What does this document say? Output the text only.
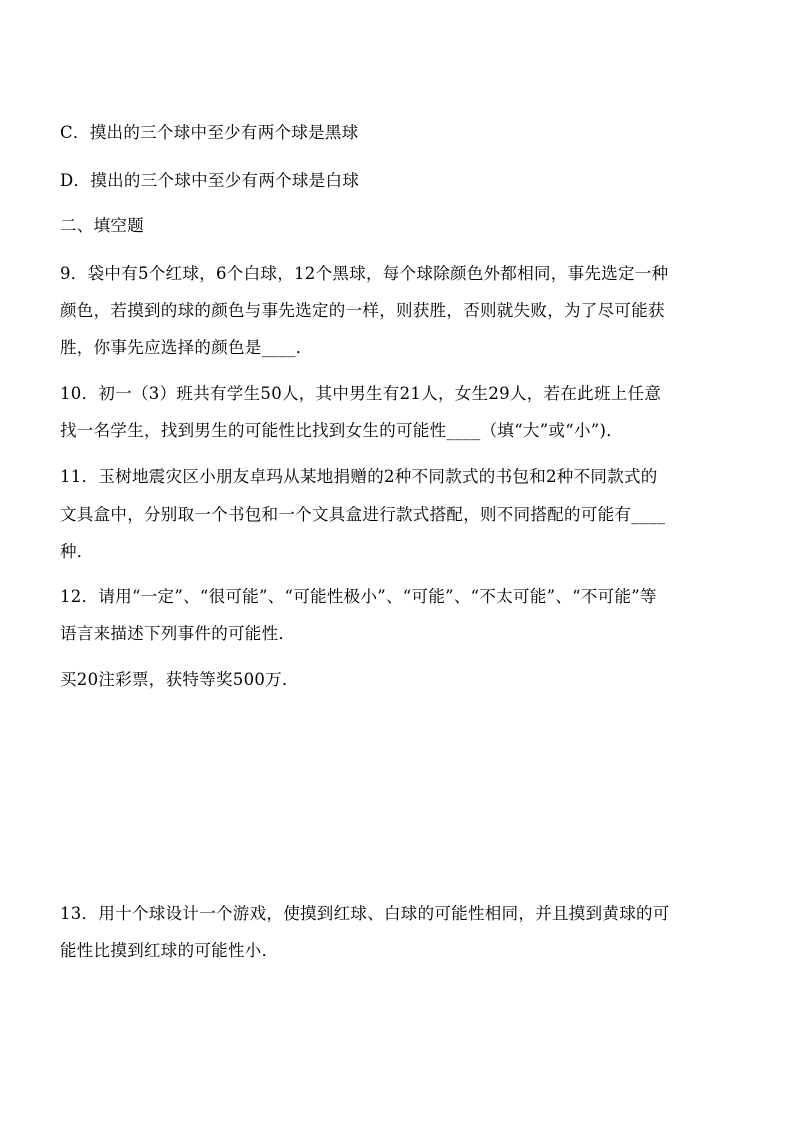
C．摸出的三个球中至少有两个球是黑球
D．摸出的三个球中至少有两个球是白球
二、填空题
9．袋中有5个红球，6个白球，12个黑球，每个球除颜色外都相同，事先选定一种
颜色，若摸到的球的颜色与事先选定的一样，则获胜，否则就失败，为了尽可能获
胜，你事先应选择的颜色是____．
10．初一（3）班共有学生50人，其中男生有21人，女生29人，若在此班上任意
找一名学生，找到男生的可能性比找到女生的可能性____（填“大”或“小”)．
11．玉树地震灾区小朋友卓玛从某地捐赠的2种不同款式的书包和2种不同款式的
文具盒中，分别取一个书包和一个文具盒进行款式搭配，则不同搭配的可能有____
种．
12．请用“一定”、“很可能”、“可能性极小”、“可能”、“不太可能”、“不可能”等
语言来描述下列事件的可能性．
买20注彩票，获特等奖500万．
13．用十个球设计一个游戏，使摸到红球、白球的可能性相同，并且摸到黄球的可
能性比摸到红球的可能性小．
